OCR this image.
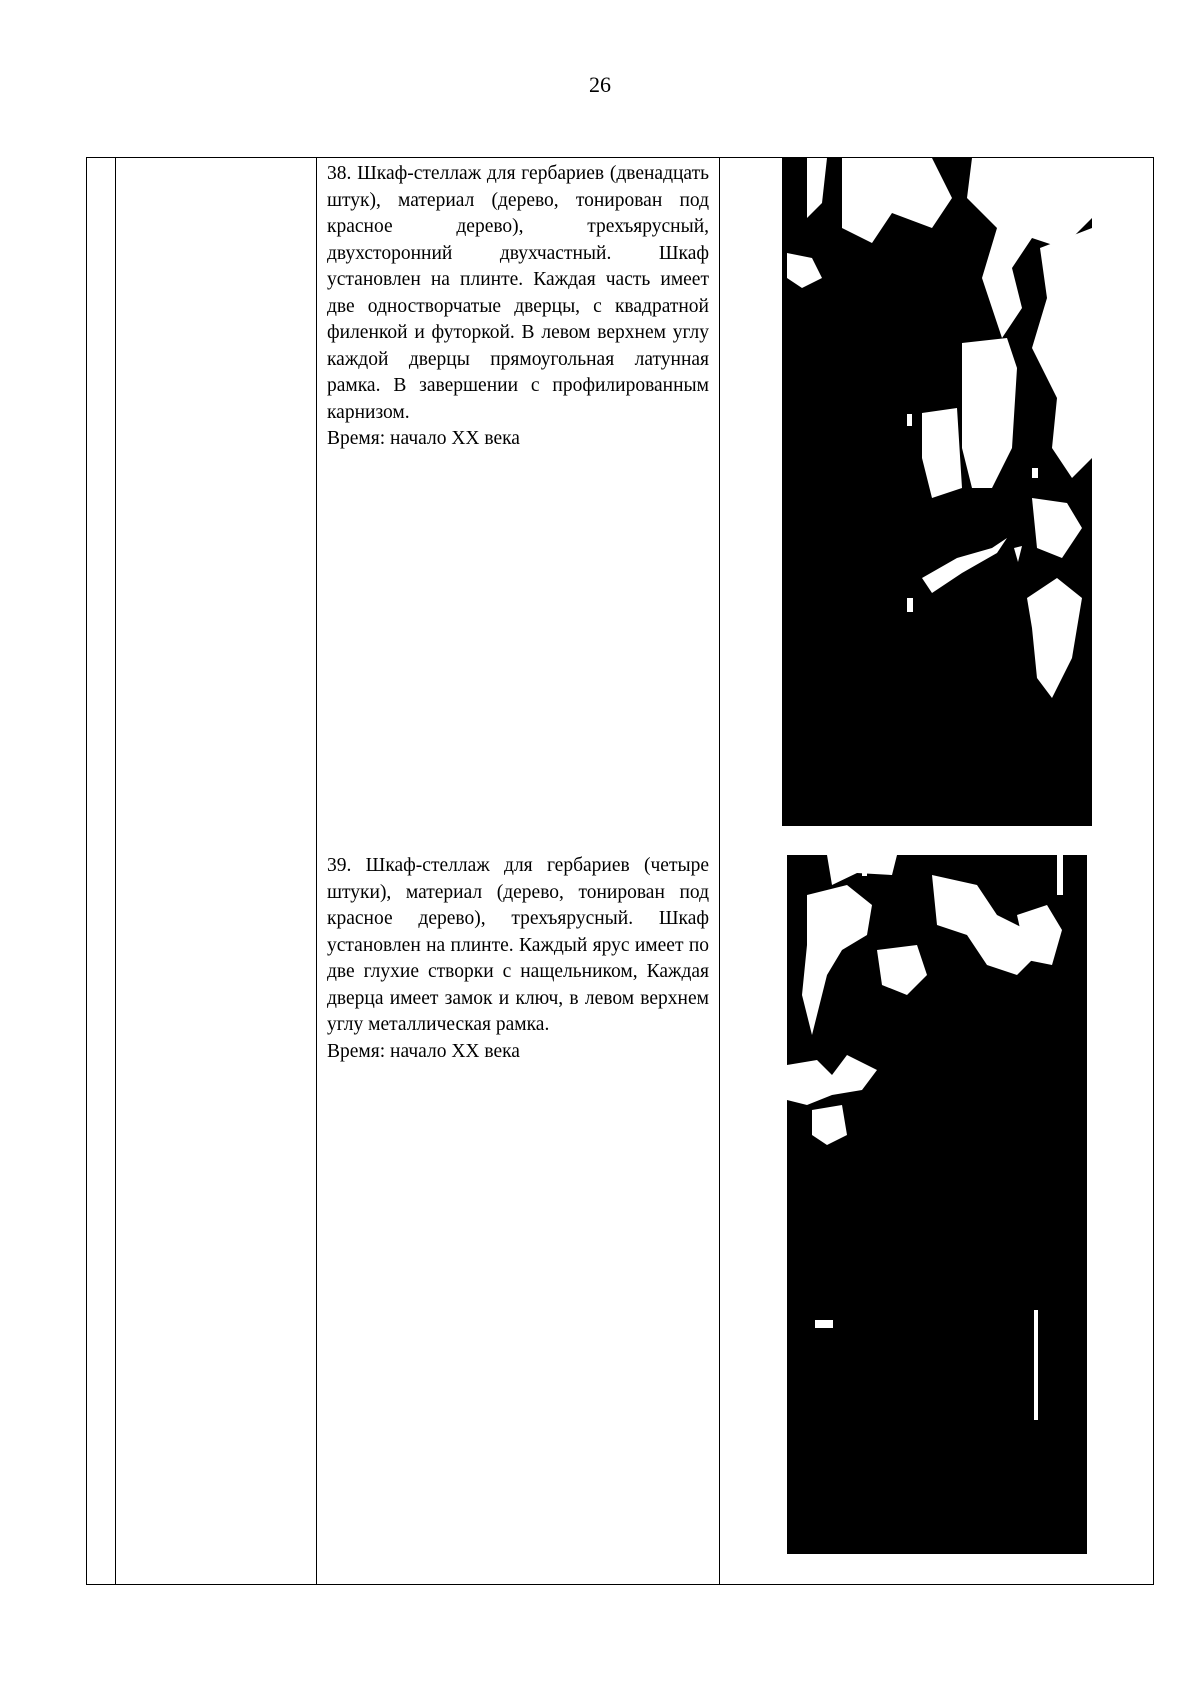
26

38. Шкаф-стеллаж для гербариев (двенадцать штук), материал (дерево, тонирован под красное дерево), трехъярусный, двухсторонний двухчастный. Шкаф установлен на плинте. Каждая часть имеет две одностворчатые дверцы, с квадратной филенкой и футоркой. В левом верхнем углу каждой дверцы прямоугольная латунная рамка. В завершении с профилированным карнизом.

Время: начало XX века

39. Шкаф-стеллаж для гербариев (четыре штуки), материал (дерево, тонирован под красное дерево), трехъярусный. Шкаф установлен на плинте. Каждый ярус имеет по две глухие створки с нащельником, Каждая дверца имеет замок и ключ, в левом верхнем углу металлическая рамка.

Время: начало XX века
